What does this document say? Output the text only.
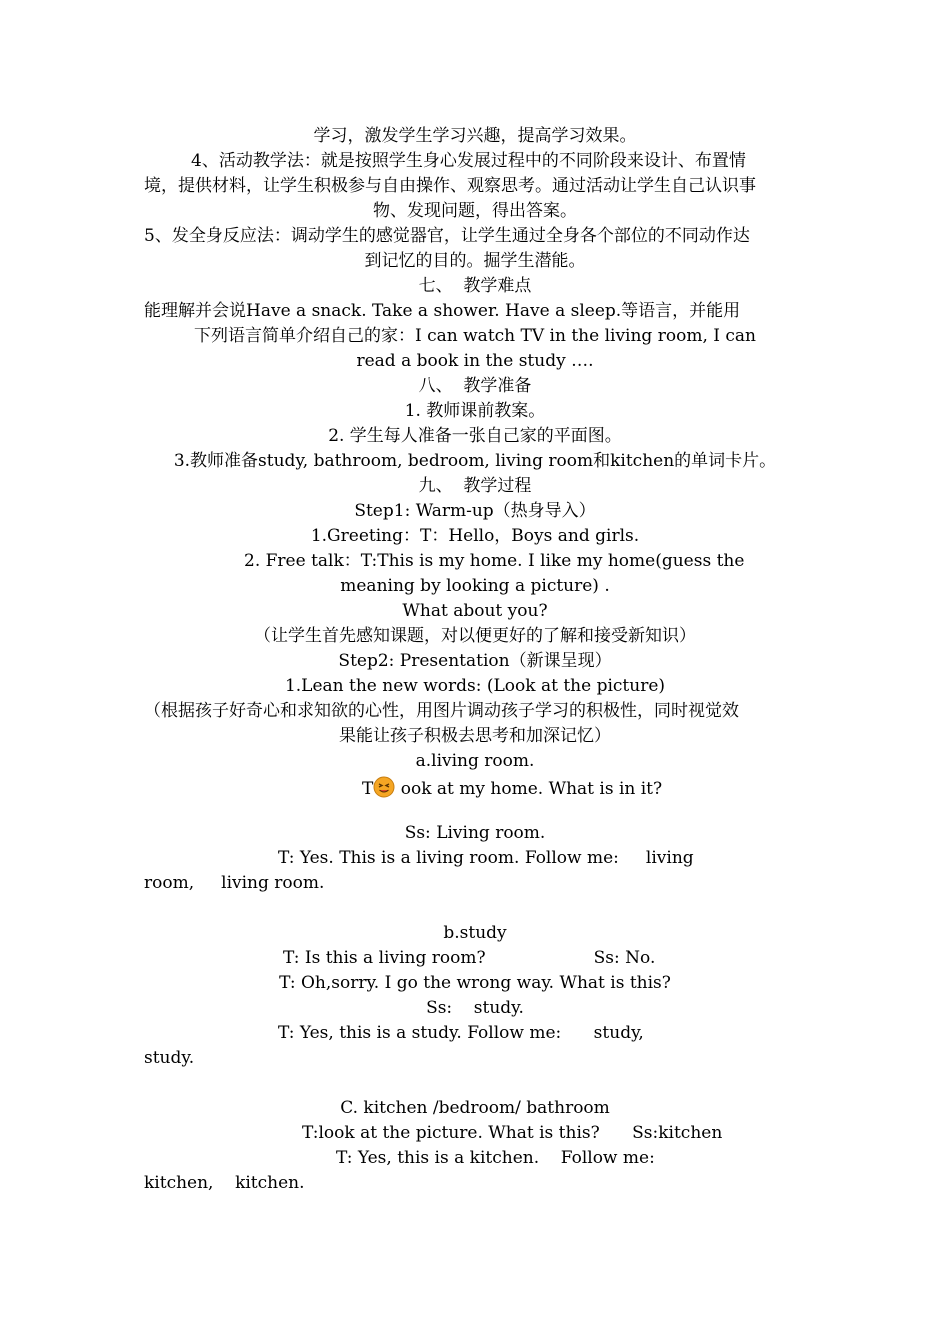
学习，激发学生学习兴趣，提高学习效果。

4、活动教学法：就是按照学生身心发展过程中的不同阶段来设计、布置情

境，提供材料，让学生积极参与自由操作、观察思考。通过活动让学生自己认识事

物、发现问题，得出答案。

5、发全身反应法：调动学生的感觉器官，让学生通过全身各个部位的不同动作达

到记忆的目的。掘学生潜能。

七、  教学难点

能理解并会说Have a snack. Take a shower. Have a sleep.等语言，并能用

下列语言简单介绍自己的家：I can watch TV in the living room, I can

read a book in the study ….

八、  教学准备

1. 教师课前教案。

2. 学生每人准备一张自己家的平面图。

3.教师准备study, bathroom, bedroom, living room和kitchen的单词卡片。

九、  教学过程

Step1: Warm-up（热身导入）

1.Greeting：T：Hello，Boys and girls.

2. Free talk：T:This is my home. I like my home(guess the

meaning by looking a picture) .

What about you?

（让学生首先感知课题，对以便更好的了解和接受新知识）

Step2: Presentation（新课呈现）

1.Lean the new words: (Look at the picture)

（根据孩子好奇心和求知欲的心性，用图片调动孩子学习的积极性，同时视觉效

果能让孩子积极去思考和加深记忆）

a.living room.

T ook at my home. What is in it?

Ss: Living room.

T: Yes. This is a living room. Follow me:     living

room,     living room.

b.study

T: Is this a living room?                    Ss: No.

T: Oh,sorry. I go the wrong way. What is this?

Ss:    study.

T: Yes, this is a study. Follow me:      study,

study.

C. kitchen /bedroom/ bathroom

T:look at the picture. What is this?      Ss:kitchen

T: Yes, this is a kitchen.    Follow me:

kitchen,    kitchen.
